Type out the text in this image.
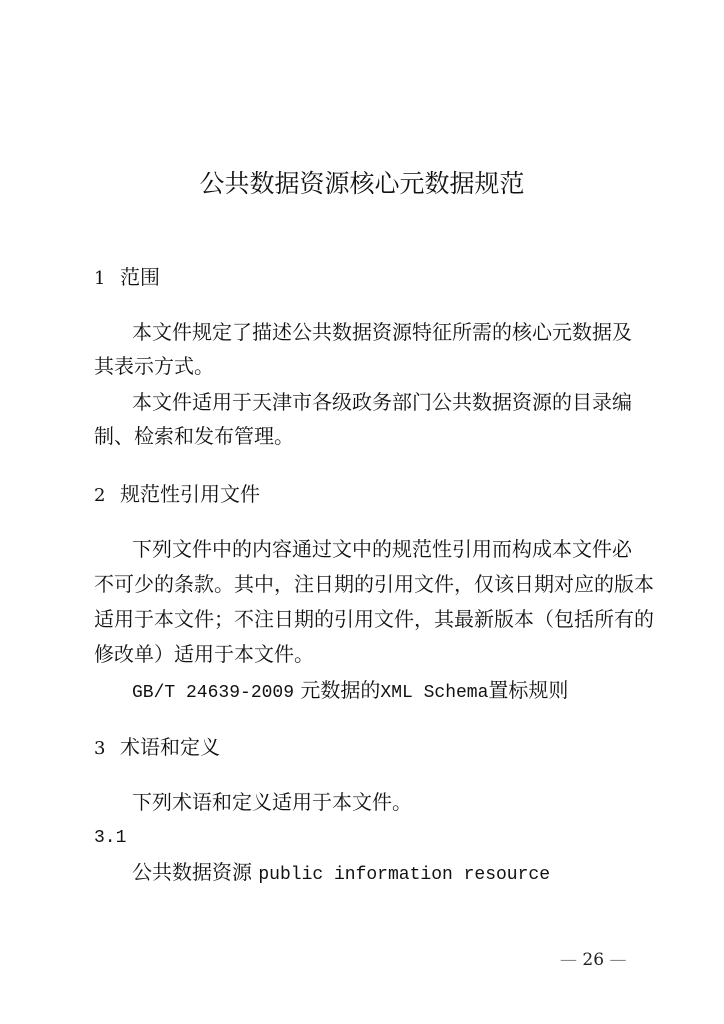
公共数据资源核心元数据规范
1 范围
本文件规定了描述公共数据资源特征所需的核心元数据及
其表示方式。
本文件适用于天津市各级政务部门公共数据资源的目录编
制、检索和发布管理。
2 规范性引用文件
下列文件中的内容通过文中的规范性引用而构成本文件必
不可少的条款。其中，注日期的引用文件，仅该日期对应的版本
适用于本文件；不注日期的引用文件，其最新版本（包括所有的
修改单）适用于本文件。
GB/T 24639-2009 元数据的XML Schema置标规则
3 术语和定义
下列术语和定义适用于本文件。
3.1
公共数据资源 public information resource
— 26 —
